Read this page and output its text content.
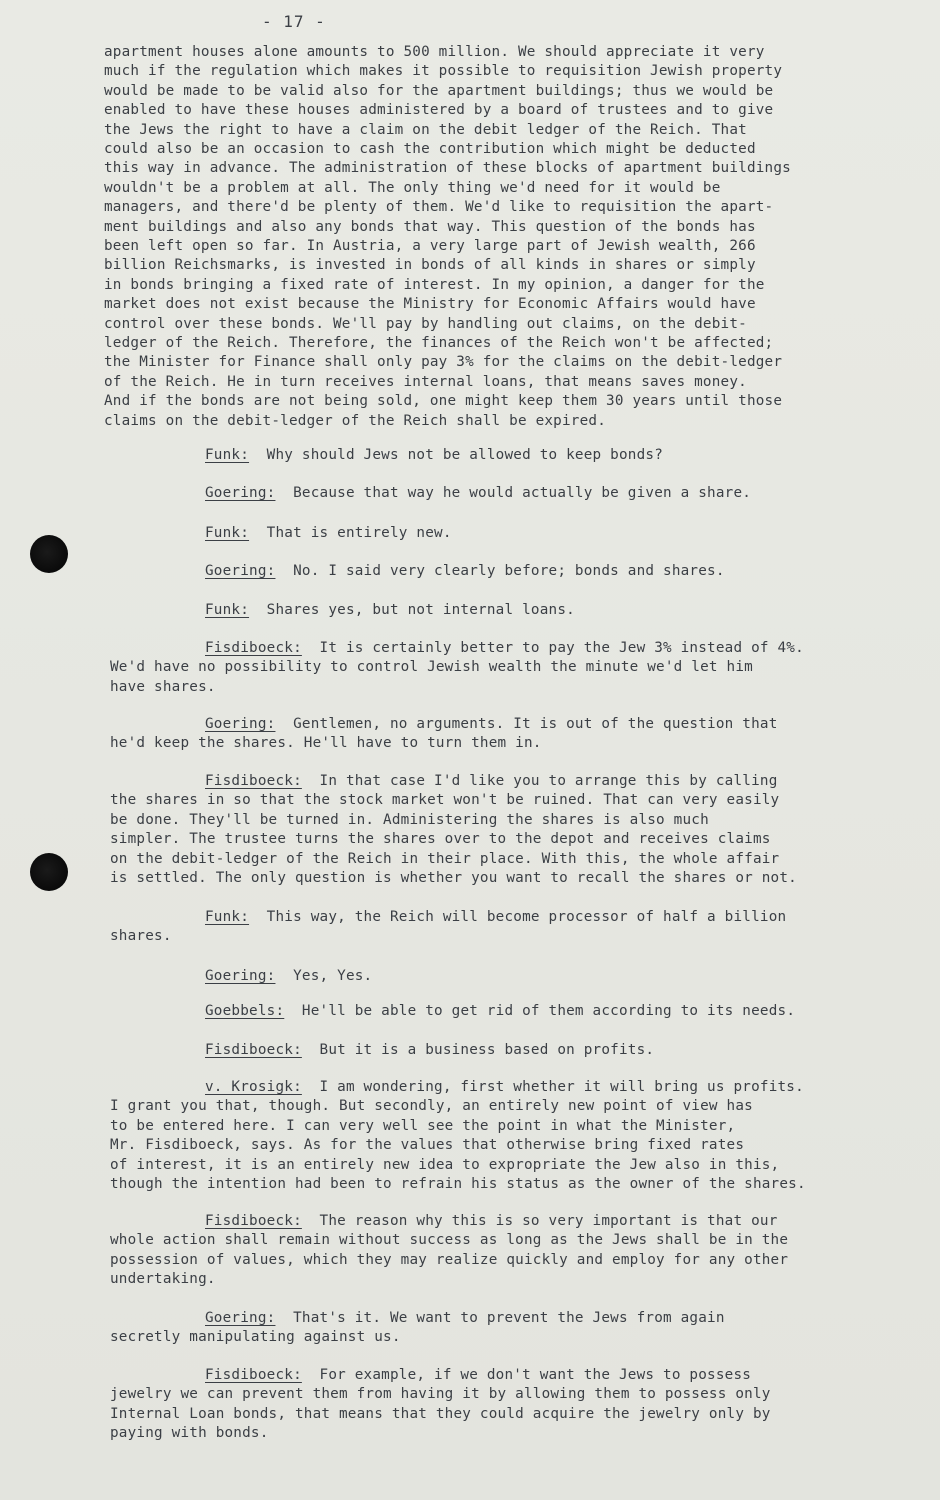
- 17 -
apartment houses alone amounts to 500 million. We should appreciate it very
much if the regulation which makes it possible to requisition Jewish property
would be made to be valid also for the apartment buildings; thus we would be
enabled to have these houses administered by a board of trustees and to give
the Jews the right to have a claim on the debit ledger of the Reich. That
could also be an occasion to cash the contribution which might be deducted
this way in advance. The administration of these blocks of apartment buildings
wouldn't be a problem at all. The only thing we'd need for it would be
managers, and there'd be plenty of them. We'd like to requisition the apart-
ment buildings and also any bonds that way. This question of the bonds has
been left open so far. In Austria, a very large part of Jewish wealth, 266
billion Reichsmarks, is invested in bonds of all kinds in shares or simply
in bonds bringing a fixed rate of interest. In my opinion, a danger for the
market does not exist because the Ministry for Economic Affairs would have
control over these bonds. We'll pay by handling out claims, on the debit-
ledger of the Reich. Therefore, the finances of the Reich won't be affected;
the Minister for Finance shall only pay 3% for the claims on the debit-ledger
of the Reich. He in turn receives internal loans, that means saves money.
And if the bonds are not being sold, one might keep them 30 years until those
claims on the debit-ledger of the Reich shall be expired.
Funk: Why should Jews not be allowed to keep bonds?
Goering: Because that way he would actually be given a share.
Funk: That is entirely new.
Goering: No. I said very clearly before; bonds and shares.
Funk: Shares yes, but not internal loans.
Fisdiboeck: It is certainly better to pay the Jew 3% instead of 4%.
We'd have no possibility to control Jewish wealth the minute we'd let him
have shares.
Goering: Gentlemen, no arguments. It is out of the question that
he'd keep the shares. He'll have to turn them in.
Fisdiboeck: In that case I'd like you to arrange this by calling
the shares in so that the stock market won't be ruined. That can very easily
be done. They'll be turned in. Administering the shares is also much
simpler. The trustee turns the shares over to the depot and receives claims
on the debit-ledger of the Reich in their place. With this, the whole affair
is settled. The only question is whether you want to recall the shares or not.
Funk: This way, the Reich will become processor of half a billion
shares.
Goering: Yes, Yes.
Goebbels: He'll be able to get rid of them according to its needs.
Fisdiboeck: But it is a business based on profits.
v. Krosigk: I am wondering, first whether it will bring us profits.
I grant you that, though. But secondly, an entirely new point of view has
to be entered here. I can very well see the point in what the Minister,
Mr. Fisdiboeck, says. As for the values that otherwise bring fixed rates
of interest, it is an entirely new idea to expropriate the Jew also in this,
though the intention had been to refrain his status as the owner of the shares.
Fisdiboeck: The reason why this is so very important is that our
whole action shall remain without success as long as the Jews shall be in the
possession of values, which they may realize quickly and employ for any other
undertaking.
Goering: That's it. We want to prevent the Jews from again
secretly manipulating against us.
Fisdiboeck: For example, if we don't want the Jews to possess
jewelry we can prevent them from having it by allowing them to possess only
Internal Loan bonds, that means that they could acquire the jewelry only by
paying with bonds.
